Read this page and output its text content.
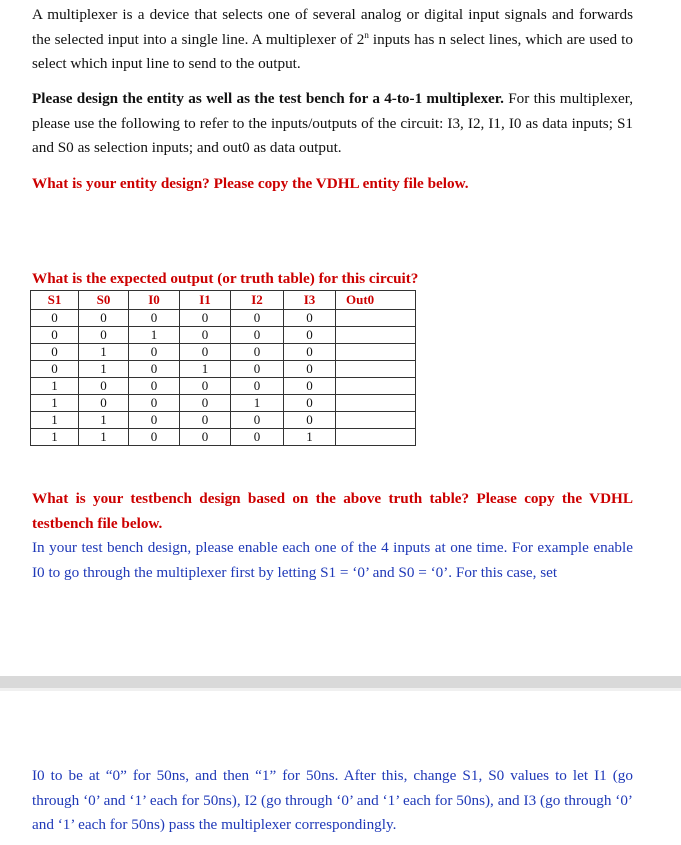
A multiplexer is a device that selects one of several analog or digital input signals and forwards the selected input into a single line. A multiplexer of 2$^n$ inputs has n select lines, which are used to select which input line to send to the output.

Please design the entity as well as the test bench for a 4-to-1 multiplexer. For this multiplexer, please use the following to refer to the inputs/outputs of the circuit: I3, I2, I1, I0 as data inputs; S1 and S0 as selection inputs; and out0 as data output.

What is your entity design? Please copy the VDHL entity file below.

What is the expected output (or truth table) for this circuit?
S1	S0	I0	I1	I2	I3	Out0
0	0	0	0	0	0	
0	0	1	0	0	0	
0	1	0	0	0	0	
0	1	0	1	0	0	
1	0	0	0	0	0	
1	0	0	0	1	0	
1	1	0	0	0	0	
1	1	0	0	0	1	

What is your testbench design based on the above truth table? Please copy the VDHL testbench file below.

In your test bench design, please enable each one of the 4 inputs at one time. For example enable I0 to go through the multiplexer first by letting S1 = ‘0’ and S0 = ‘0’. For this case, set

I0 to be at “0” for 50ns, and then “1” for 50ns. After this, change S1, S0 values to let I1 (go through ‘0’ and ‘1’ each for 50ns), I2 (go through ‘0’ and ‘1’ each for 50ns), and I3 (go through ‘0’ and ‘1’ each for 50ns) pass the multiplexer correspondingly.
